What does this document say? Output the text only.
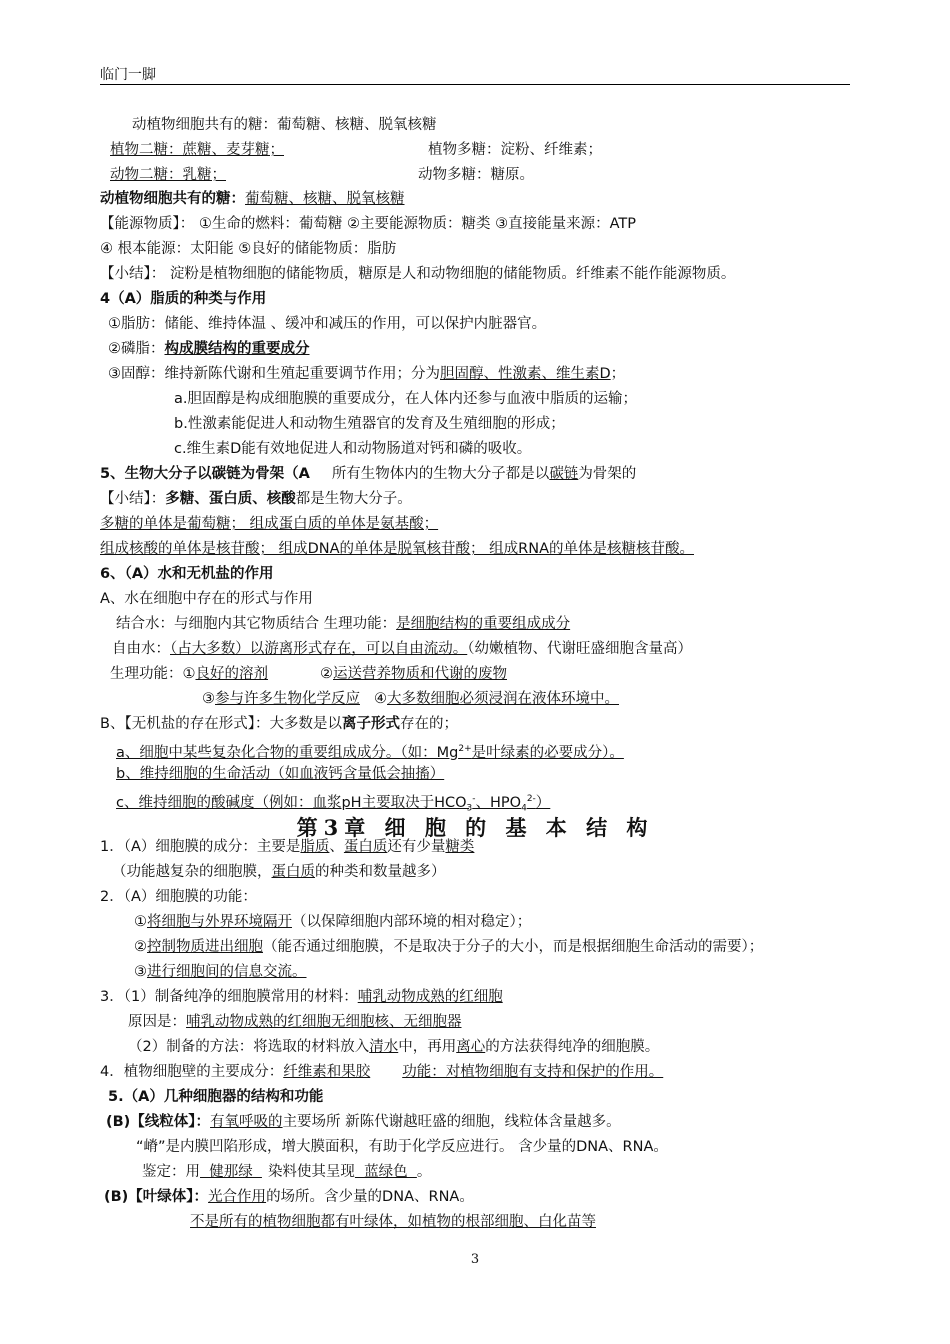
临门一脚
动植物细胞共有的糖：葡萄糖、核糖、脱氧核糖
植物二糖：蔗糖、麦芽糖；	植物多糖：淀粉、纤维素；
动物二糖：乳糖；	动物多糖：糖原。
动植物细胞共有的糖：葡萄糖、核糖、脱氧核糖
【能源物质】： ①生命的燃料：葡萄糖 ②主要能源物质：糖类 ③直接能量来源：ATP
④ 根本能源：太阳能 ⑤良好的储能物质：脂肪
【小结】： 淀粉是植物细胞的储能物质，糖原是人和动物细胞的储能物质。纤维素不能作能源物质。
4（A）脂质的种类与作用
①脂肪：储能、维持体温 、缓冲和减压的作用，可以保护内脏器官。
②磷脂：构成膜结构的重要成分
③固醇：维持新陈代谢和生殖起重要调节作用；分为胆固醇、性激素、维生素D；
a.胆固醇是构成细胞膜的重要成分，在人体内还参与血液中脂质的运输；
b.性激素能促进人和动物生殖器官的发育及生殖细胞的形成；
c.维生素D能有效地促进人和动物肠道对钙和磷的吸收。
5、生物大分子以碳链为骨架（A 所有生物体内的生物大分子都是以碳链为骨架的
【小结】：多糖、蛋白质、核酸都是生物大分子。
多糖的单体是葡萄糖； 组成蛋白质的单体是氨基酸；
组成核酸的单体是核苷酸； 组成DNA的单体是脱氧核苷酸； 组成RNA的单体是核糖核苷酸。
6、（A）水和无机盐的作用
A、水在细胞中存在的形式与作用
结合水：与细胞内其它物质结合 生理功能：是细胞结构的重要组成成分
自由水：（占大多数）以游离形式存在，可以自由流动。（幼嫩植物、代谢旺盛细胞含量高）
生理功能：①良好的溶剂	②运送营养物质和代谢的废物
③参与许多生物化学反应 ④大多数细胞必须浸润在液体环境中。
B、【无机盐的存在形式】：大多数是以离子形式存在的；
a、细胞中某些复杂化合物的重要组成成分。（如：$Mg^{2+}$是叶绿素的必要成分）。
b、维持细胞的生命活动（如血液钙含量低会抽搐）
c、维持细胞的酸碱度（例如：血浆pH主要取决于$HCO_3^-$、$HPO_4^{2-}$）
第3章 细 胞 的 基 本 结 构
1．（A）细胞膜的成分：主要是脂质、蛋白质还有少量糖类
（功能越复杂的细胞膜，蛋白质的种类和数量越多）
2．（A）细胞膜的功能：
①将细胞与外界环境隔开（以保障细胞内部环境的相对稳定）；
②控制物质进出细胞（能否通过细胞膜，不是取决于分子的大小，而是根据细胞生命活动的需要）；
③进行细胞间的信息交流。
3．（1）制备纯净的细胞膜常用的材料：哺乳动物成熟的红细胞
原因是：哺乳动物成熟的红细胞无细胞核、无细胞器
（2）制备的方法：将选取的材料放入清水中，再用离心的方法获得纯净的细胞膜。
4．植物细胞壁的主要成分：纤维素和果胶 功能：对植物细胞有支持和保护的作用。
5.（A）几种细胞器的结构和功能
(B)【线粒体】：有氧呼吸的主要场所 新陈代谢越旺盛的细胞，线粒体含量越多。
“嵴”是内膜凹陷形成，增大膜面积，有助于化学反应进行。 含少量的DNA、RNA。
鉴定：用  健那绿  染料使其呈现  蓝绿色  。
(B)【叶绿体】：光合作用的场所。含少量的DNA、RNA。
不是所有的植物细胞都有叶绿体，如植物的根部细胞、白化苗等
3
